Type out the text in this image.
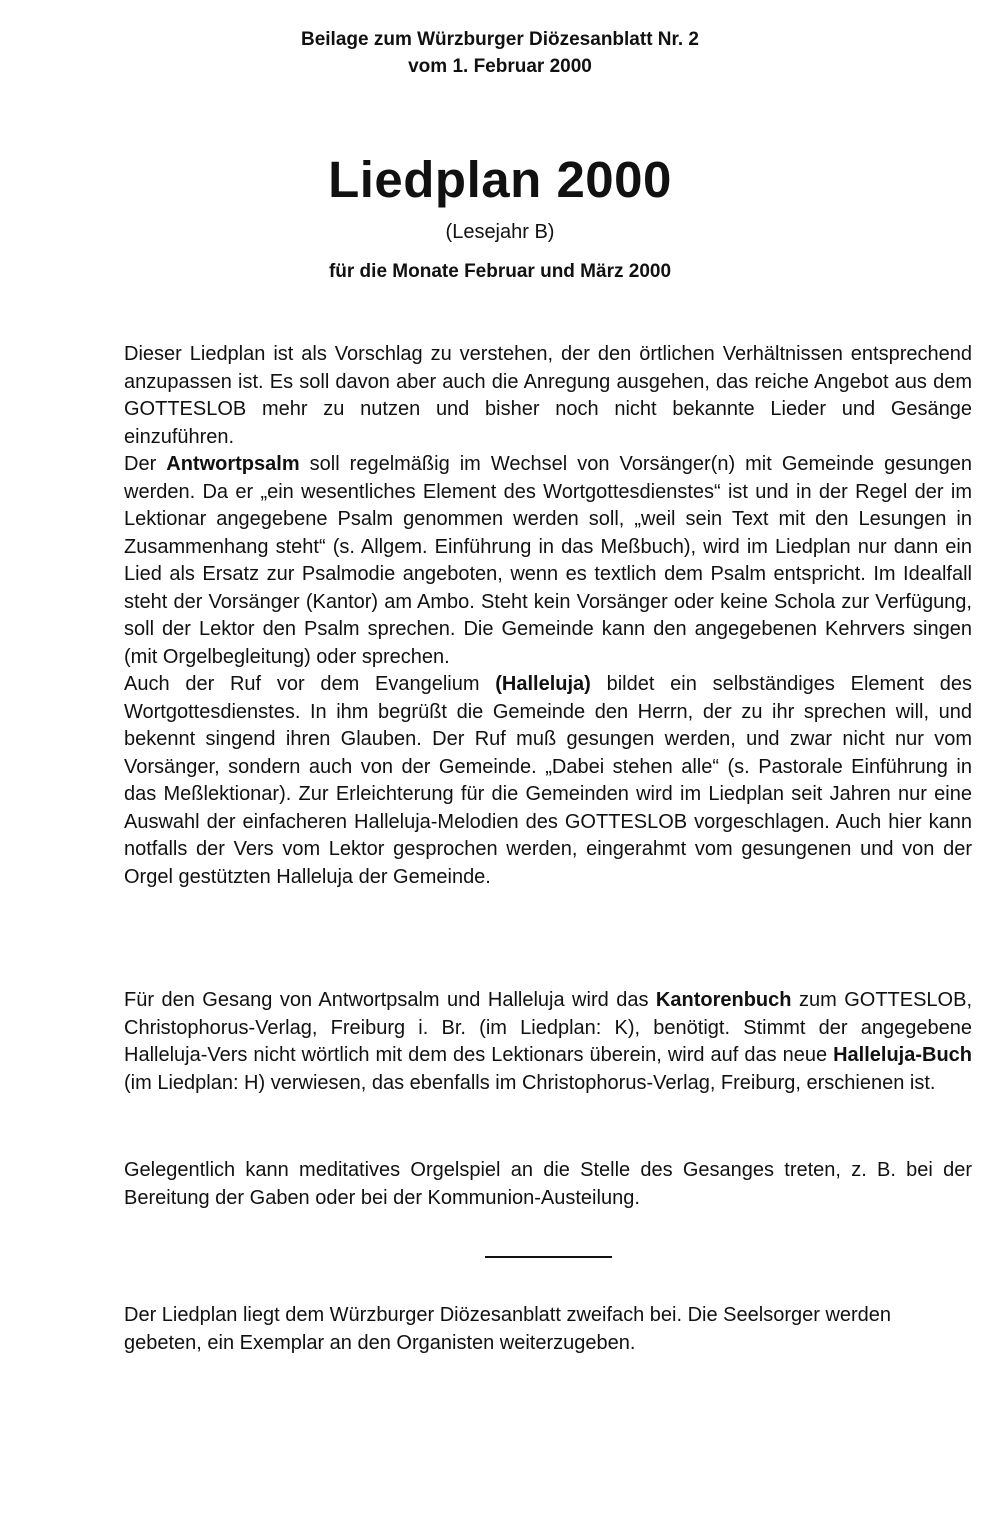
Beilage zum Würzburger Diözesanblatt Nr. 2
vom 1. Februar 2000
Liedplan 2000
(Lesejahr B)
für die Monate Februar und März 2000

Dieser Liedplan ist als Vorschlag zu verstehen, der den örtlichen Verhältnissen entsprechend anzupassen ist. Es soll davon aber auch die Anregung ausgehen, das reiche Angebot aus dem GOTTESLOB mehr zu nutzen und bisher noch nicht bekannte Lieder und Gesänge einzuführen.

Der Antwortpsalm soll regelmäßig im Wechsel von Vorsänger(n) mit Gemeinde gesungen werden. Da er „ein wesentliches Element des Wortgottesdienstes“ ist und in der Regel der im Lektionar angegebene Psalm genommen werden soll, „weil sein Text mit den Lesungen in Zusammenhang steht“ (s. Allgem. Einführung in das Meßbuch), wird im Liedplan nur dann ein Lied als Ersatz zur Psalmodie angeboten, wenn es textlich dem Psalm entspricht. Im Idealfall steht der Vorsänger (Kantor) am Ambo. Steht kein Vorsänger oder keine Schola zur Verfügung, soll der Lektor den Psalm sprechen. Die Gemeinde kann den angegebenen Kehrvers singen (mit Orgelbegleitung) oder sprechen.

Auch der Ruf vor dem Evangelium (Halleluja) bildet ein selbständiges Element des Wortgottesdienstes. In ihm begrüßt die Gemeinde den Herrn, der zu ihr sprechen will, und bekennt singend ihren Glauben. Der Ruf muß gesungen werden, und zwar nicht nur vom Vorsänger, sondern auch von der Gemeinde. „Dabei stehen alle“ (s. Pastorale Einführung in das Meßlektionar). Zur Erleichterung für die Gemeinden wird im Liedplan seit Jahren nur eine Auswahl der einfacheren Halleluja-Melodien des GOTTESLOB vorgeschlagen. Auch hier kann notfalls der Vers vom Lektor gesprochen werden, eingerahmt vom gesungenen und von der Orgel gestützten Halleluja der Gemeinde.

Für den Gesang von Antwortpsalm und Halleluja wird das Kantorenbuch zum GOTTESLOB, Christophorus-Verlag, Freiburg i. Br. (im Liedplan: K), benötigt. Stimmt der angegebene Halleluja-Vers nicht wörtlich mit dem des Lektionars überein, wird auf das neue Halleluja-Buch (im Liedplan: H) verwiesen, das ebenfalls im Christophorus-Verlag, Freiburg, erschienen ist.

Gelegentlich kann meditatives Orgelspiel an die Stelle des Gesanges treten, z. B. bei der Bereitung der Gaben oder bei der Kommunion-Austeilung.

Der Liedplan liegt dem Würzburger Diözesanblatt zweifach bei. Die Seelsorger werden gebeten, ein Exemplar an den Organisten weiterzugeben.
